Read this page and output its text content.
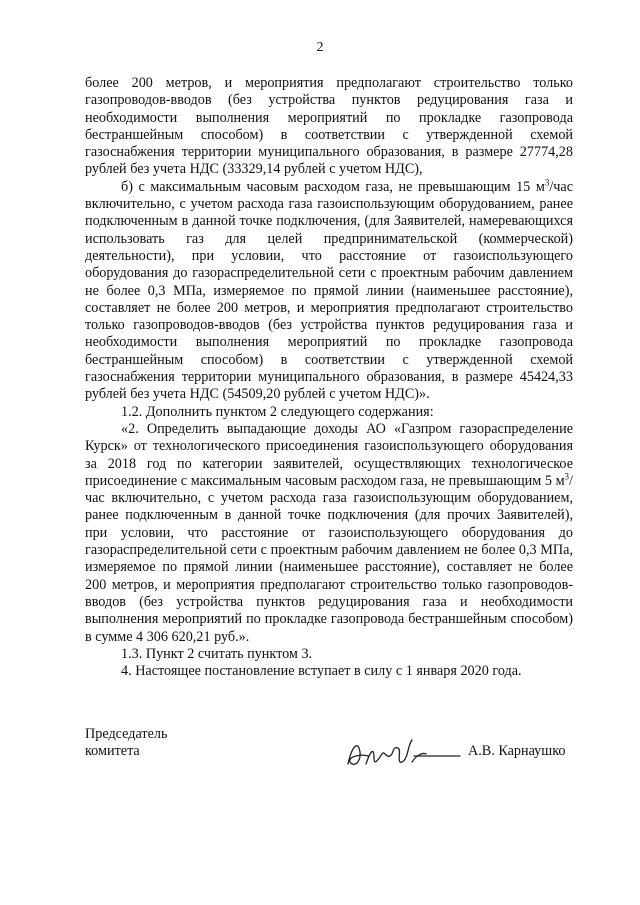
2

более 200 метров, и мероприятия предполагают строительство только газопроводов-вводов (без устройства пунктов редуцирования газа и необходимости выполнения мероприятий по прокладке газопровода бестраншейным способом) в соответствии с утвержденной схемой газоснабжения территории муниципального образования, в размере 27774,28 рублей без учета НДС (33329,14 рублей с учетом НДС),

б) с максимальным часовым расходом газа, не превышающим 15 $м^3$/час включительно, с учетом расхода газа газоиспользующим оборудованием, ранее подключенным в данной точке подключения, (для Заявителей, намеревающихся использовать газ для целей предпринимательской (коммерческой) деятельности), при условии, что расстояние от газоиспользующего оборудования до газораспределительной сети с проектным рабочим давлением не более 0,3 МПа, измеряемое по прямой линии (наименьшее расстояние), составляет не более 200 метров, и мероприятия предполагают строительство только газопроводов-вводов (без устройства пунктов редуцирования газа и необходимости выполнения мероприятий по прокладке газопровода бестраншейным способом) в соответствии с утвержденной схемой газоснабжения территории муниципального образования, в размере 45424,33 рублей без учета НДС (54509,20 рублей с учетом НДС)».

1.2. Дополнить пунктом 2 следующего содержания:

«2. Определить выпадающие доходы АО «Газпром газораспределение Курск» от технологического присоединения газоиспользующего оборудования за 2018 год по категории заявителей, осуществляющих технологическое присоединение с максимальным часовым расходом газа, не превышающим 5 $м^3$/час включительно, с учетом расхода газа газоиспользующим оборудованием, ранее подключенным в данной точке подключения (для прочих Заявителей), при условии, что расстояние от газоиспользующего оборудования до газораспределительной сети с проектным рабочим давлением не более 0,3 МПа, измеряемое по прямой линии (наименьшее расстояние), составляет не более 200 метров, и мероприятия предполагают строительство только газопроводов-вводов (без устройства пунктов редуцирования газа и необходимости выполнения мероприятий по прокладке газопровода бестраншейным способом) в сумме 4 306 620,21 руб.».

1.3. Пункт 2 считать пунктом 3.

4. Настоящее постановление вступает в силу с 1 января 2020 года.

Председатель
комитета	А.В. Карнаушко
